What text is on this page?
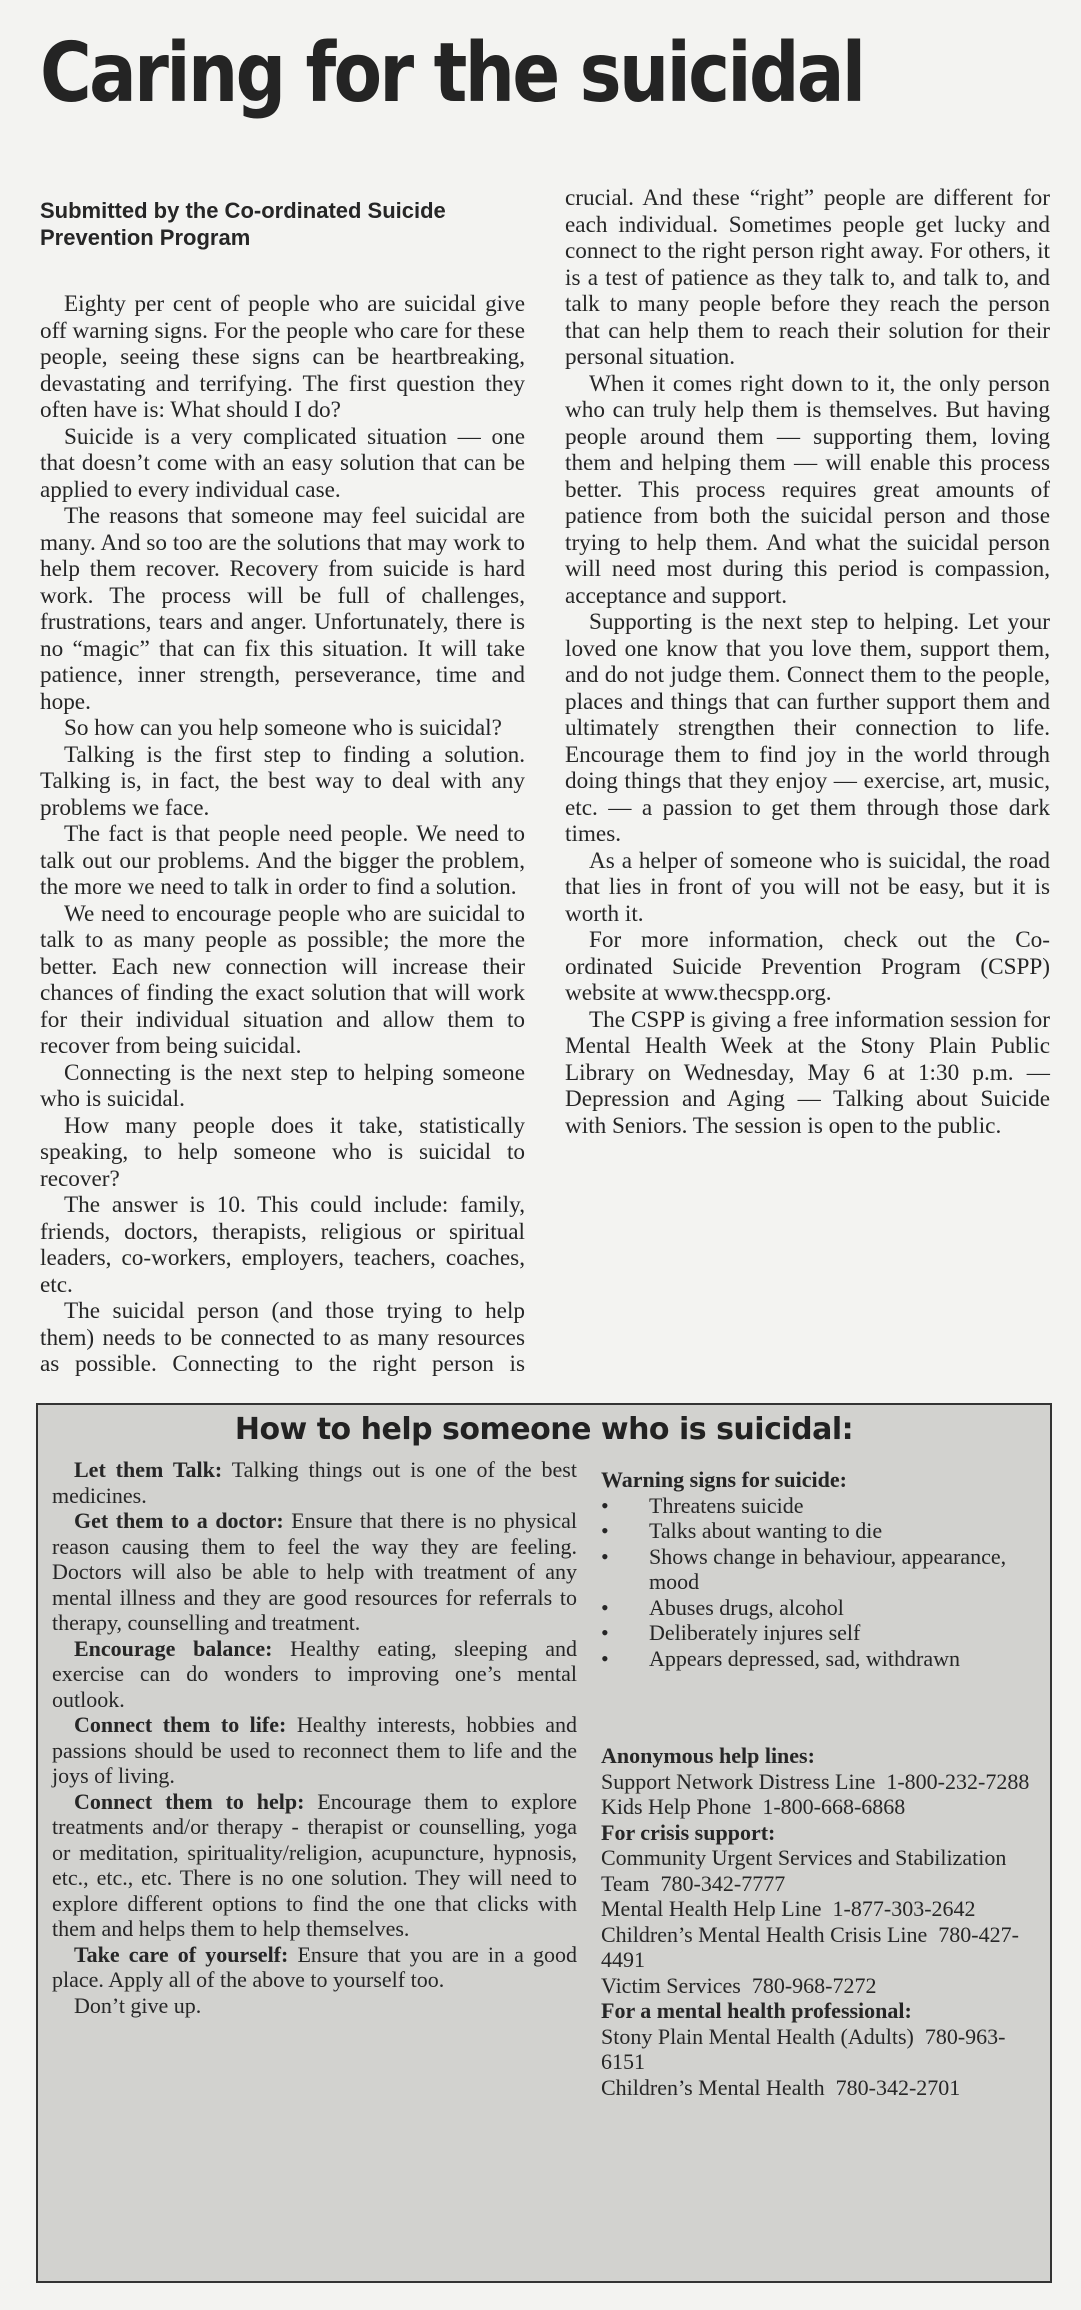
Caring for the suicidal
Submitted by the Co-ordinated Suicide Prevention Program

Eighty per cent of people who are suicidal give off warning signs. For the people who care for these people, seeing these signs can be heartbreaking, devastating and terrifying. The first question they often have is: What should I do?

Suicide is a very complicated situation — one that doesn’t come with an easy solution that can be applied to every individual case.

The reasons that someone may feel suicidal are many. And so too are the solutions that may work to help them recover. Recovery from suicide is hard work. The process will be full of challenges, frustrations, tears and anger. Unfortunately, there is no “magic” that can fix this situation. It will take patience, inner strength, perseverance, time and hope.

So how can you help someone who is suicidal?

Talking is the first step to finding a solution. Talking is, in fact, the best way to deal with any problems we face.

The fact is that people need people. We need to talk out our problems. And the bigger the problem, the more we need to talk in order to find a solution.

We need to encourage people who are suicidal to talk to as many people as possible; the more the better. Each new connection will increase their chances of finding the exact solution that will work for their individual situation and allow them to recover from being suicidal.

Connecting is the next step to helping someone who is suicidal.

How many people does it take, statistically speaking, to help someone who is suicidal to recover?

The answer is 10. This could include: family, friends, doctors, therapists, religious or spiritual leaders, co-workers, employers, teachers, coaches, etc.

The suicidal person (and those trying to help them) needs to be connected to as many resources as possible. Connecting to the right person is crucial. And these “right” people are different for each individual. Sometimes people get lucky and connect to the right person right away. For others, it is a test of patience as they talk to, and talk to, and talk to many people before they reach the person that can help them to reach their solution for their personal situation.

When it comes right down to it, the only person who can truly help them is themselves. But having people around them — supporting them, loving them and helping them — will enable this process better. This process requires great amounts of patience from both the suicidal person and those trying to help them. And what the suicidal person will need most during this period is compassion, acceptance and support.

Supporting is the next step to helping. Let your loved one know that you love them, support them, and do not judge them. Connect them to the people, places and things that can further support them and ultimately strengthen their connection to life. Encourage them to find joy in the world through doing things that they enjoy — exercise, art, music, etc. — a passion to get them through those dark times.

As a helper of someone who is suicidal, the road that lies in front of you will not be easy, but it is worth it.

For more information, check out the Co-ordinated Suicide Prevention Program (CSPP) website at www.thecspp.org.

The CSPP is giving a free information session for Mental Health Week at the Stony Plain Public Library on Wednesday, May 6 at 1:30 p.m. — Depression and Aging — Talking about Suicide with Seniors. The session is open to the public.

How to help someone who is suicidal:

Let them Talk: Talking things out is one of the best medicines.

Get them to a doctor: Ensure that there is no physical reason causing them to feel the way they are feeling. Doctors will also be able to help with treatment of any mental illness and they are good resources for referrals to therapy, counselling and treatment.

Encourage balance: Healthy eating, sleeping and exercise can do wonders to improving one’s mental outlook.

Connect them to life: Healthy interests, hobbies and passions should be used to reconnect them to life and the joys of living.

Connect them to help: Encourage them to explore treatments and/or therapy - therapist or counselling, yoga or meditation, spirituality/religion, acupuncture, hypnosis, etc., etc., etc. There is no one solution. They will need to explore different options to find the one that clicks with them and helps them to help themselves.

Take care of yourself: Ensure that you are in a good place. Apply all of the above to yourself too.

Don’t give up.

Warning signs for suicide:
• Threatens suicide
• Talks about wanting to die
• Shows change in behaviour, appearance, mood
• Abuses drugs, alcohol
• Deliberately injures self
• Appears depressed, sad, withdrawn
Anonymous help lines:

Support Network Distress Line 1-800-232-7288

Kids Help Phone 1-800-668-6868

For crisis support:

Community Urgent Services and Stabilization Team 780-342-7777

Mental Health Help Line 1-877-303-2642

Children’s Mental Health Crisis Line 780-427-4491

Victim Services 780-968-7272

For a mental health professional:

Stony Plain Mental Health (Adults) 780-963-6151

Children’s Mental Health 780-342-2701
